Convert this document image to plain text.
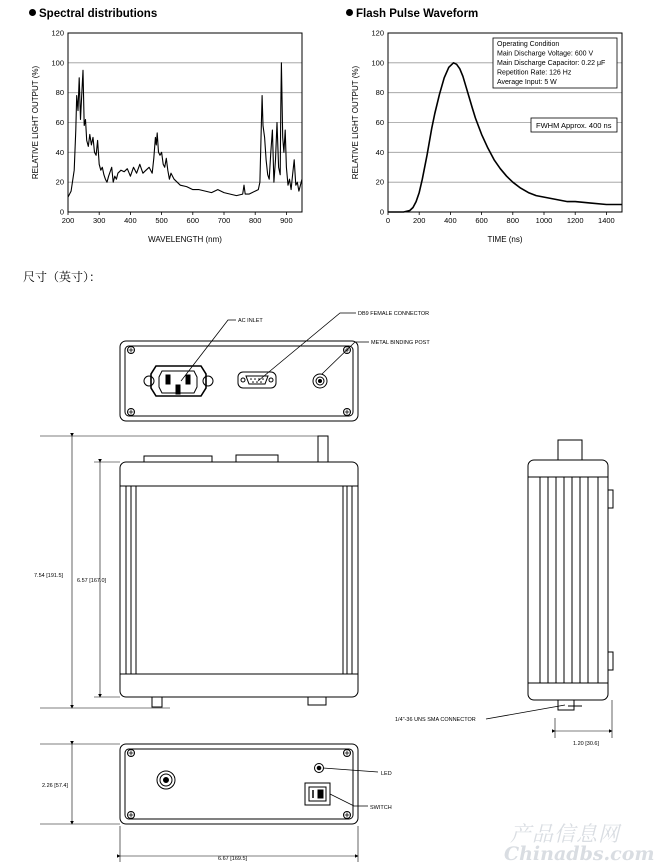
Spectral distributions	Flash Pulse Waveform
0
20
40
60
80
100
120
200 300 400 500 600 700 800 900
WAVELENGTH (nm)
RELATIVE LIGHT OUTPUT (%)
0
20
40
60
80
100
120
0	200 400 600 800 1000 1200 1400
TIME (ns)
RELATIVE LIGHT OUTPUT (%)
Operating Condition
Main Discharge Voltage: 600 V
Main Discharge Capacitor: 0.22 μF
Repetition Rate: 126 Hz
Average Input: 5 W
FWHM Approx. 400 ns
尺寸（英寸）：
AC INLET
DB9 FEMALE CONNECTOR
METAL BINDING POST
1/4"-36 UNS SMA CONNECTOR
LED
SWITCH
7.54 [191.5]
6.57 [167.0]
1.20 [30.6]
2.26 [57.4]
6.67 [169.5]
产品信息网
Chinadbs.com
